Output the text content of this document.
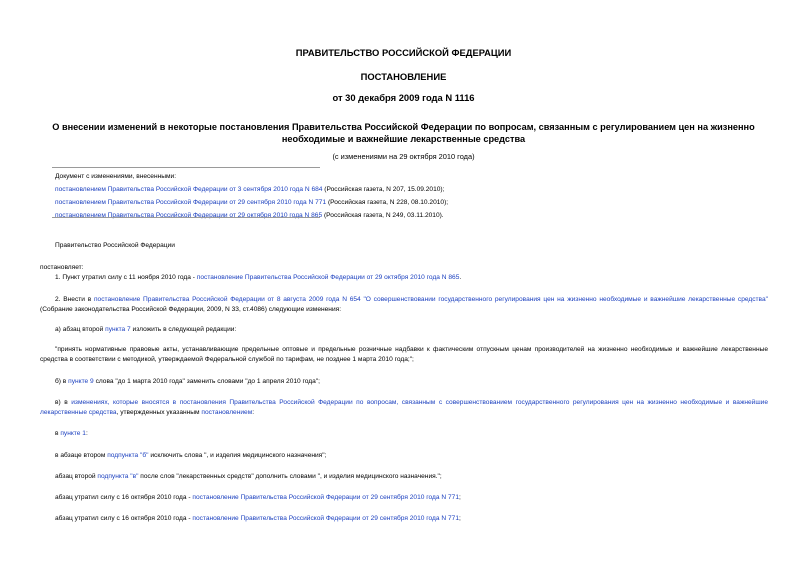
ПРАВИТЕЛЬСТВО РОССИЙСКОЙ ФЕДЕРАЦИИ
ПОСТАНОВЛЕНИЕ
от 30 декабря 2009 года N 1116
О внесении изменений в некоторые постановления Правительства Российской Федерации по вопросам, связанным с регулированием цен на жизненно
необходимые и важнейшие лекарственные средства
(с изменениями на 29 октября 2010 года)
Документ с изменениями, внесенными:
постановлением Правительства Российской Федерации от 3 сентября 2010 года N 684 (Российская газета, N 207, 15.09.2010);
постановлением Правительства Российской Федерации от 29 сентября 2010 года N 771 (Российская газета, N 228, 08.10.2010);
постановлением Правительства Российской Федерации от 29 октября 2010 года N 865 (Российская газета, N 249, 03.11.2010).
Правительство Российской Федерации
постановляет:
1. Пункт утратил силу с 11 ноября 2010 года - постановление Правительства Российской Федерации от 29 октября 2010 года N 865.
2. Внести в постановление Правительства Российской Федерации от 8 августа 2009 года N 654 "О совершенствовании государственного регулирования цен на жизненно необходимые и важнейшие лекарственные средства" (Собрание законодательства Российской Федерации, 2009, N 33, ст.4086) следующие изменения:
а) абзац второй пункта 7 изложить в следующей редакции:
"принять нормативные правовые акты, устанавливающие предельные оптовые и предельные розничные надбавки к фактическим отпускным ценам производителей на жизненно необходимые и важнейшие лекарственные средства в соответствии с методикой, утверждаемой Федеральной службой по тарифам, не позднее 1 марта 2010 года;";
б) в пункте 9 слова "до 1 марта 2010 года" заменить словами "до 1 апреля 2010 года";
в) в изменениях, которые вносятся в постановления Правительства Российской Федерации по вопросам, связанным с совершенствованием государственного регулирования цен на жизненно необходимые и важнейшие лекарственные средства, утвержденных указанным постановлением:
в пункте 1:
в абзаце втором подпункта "б" исключить слова ", и изделия медицинского назначения";
абзац второй подпункта "в" после слов "лекарственных средств" дополнить словами ", и изделия медицинского назначения.";
абзац утратил силу с 16 октября 2010 года - постановление Правительства Российской Федерации от 29 сентября 2010 года N 771;
абзац утратил силу с 16 октября 2010 года - постановление Правительства Российской Федерации от 29 сентября 2010 года N 771;
